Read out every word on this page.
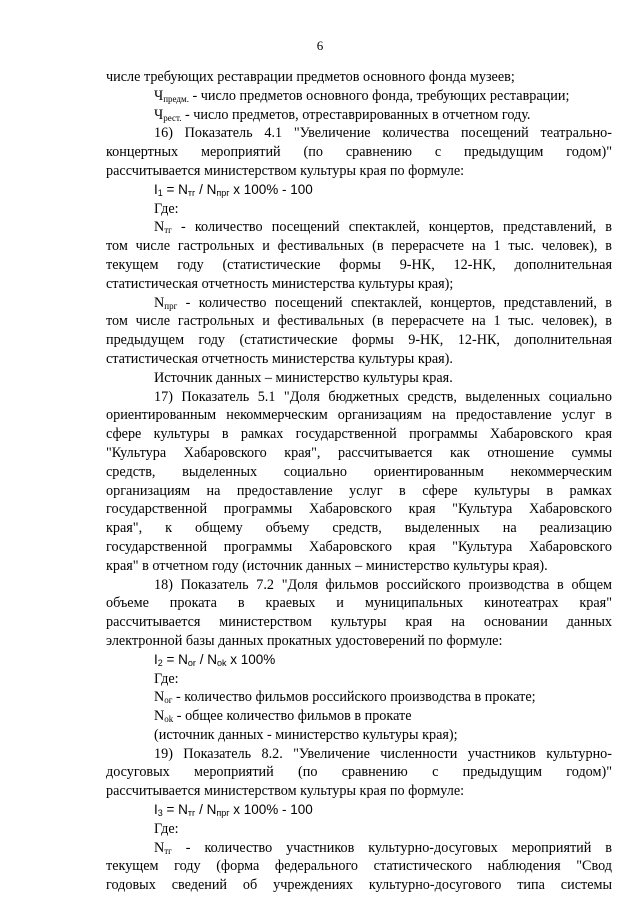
6
числе требующих реставрации предметов основного фонда музеев;
$Ч_{предм.}$ - число предметов основного фонда, требующих реставрации;
$Ч_{рест.}$ - число предметов, отреставрированных в отчетном году.
16) Показатель 4.1 "Увеличение количества посещений театрально-
концертных мероприятий (по сравнению с предыдущим годом)"
рассчитывается министерством культуры края по формуле:
$I_1 = N_{тг} / N_{прг}$ x 100% - 100
Где:
$N_{тг}$ - количество посещений спектаклей, концертов, представлений, в
том числе гастрольных и фестивальных (в перерасчете на 1 тыс. человек), в
текущем году (статистические формы 9-НК, 12-НК, дополнительная
статистическая отчетность министерства культуры края);
$N_{прг}$ - количество посещений спектаклей, концертов, представлений, в
том числе гастрольных и фестивальных (в перерасчете на 1 тыс. человек), в
предыдущем году (статистические формы 9-НК, 12-НК, дополнительная
статистическая отчетность министерства культуры края).
Источник данных – министерство культуры края.
17) Показатель 5.1 "Доля бюджетных средств, выделенных социально
ориентированным некоммерческим организациям на предоставление услуг в
сфере культуры в рамках государственной программы Хабаровского края
"Культура Хабаровского края", рассчитывается как отношение суммы
средств, выделенных социально ориентированным некоммерческим
организациям на предоставление услуг в сфере культуры в рамках
государственной программы Хабаровского края "Культура Хабаровского
края", к общему объему средств, выделенных на реализацию
государственной программы Хабаровского края "Культура Хабаровского
края" в отчетном году (источник данных – министерство культуры края).
18) Показатель 7.2 "Доля фильмов российского производства в общем
объеме проката в краевых и муниципальных кинотеатрах края"
рассчитывается министерством культуры края на основании данных
электронной базы данных прокатных удостоверений по формуле:
$I_2 = N_{or} / N_{ok}$ x 100%
Где:
$N_{ог}$ - количество фильмов российского производства в прокате;
$N_{ok}$ - общее количество фильмов в прокате
(источник данных - министерство культуры края);
19) Показатель 8.2. "Увеличение численности участников культурно-
досуговых мероприятий (по сравнению с предыдущим годом)"
рассчитывается министерством культуры края по формуле:
$I_3 = N_{тг} / N_{прг}$ x 100% - 100
Где:
$N_{тг}$ - количество участников культурно-досуговых мероприятий в
текущем году (форма федерального статистического наблюдения "Свод
годовых сведений об учреждениях культурно-досугового типа системы
